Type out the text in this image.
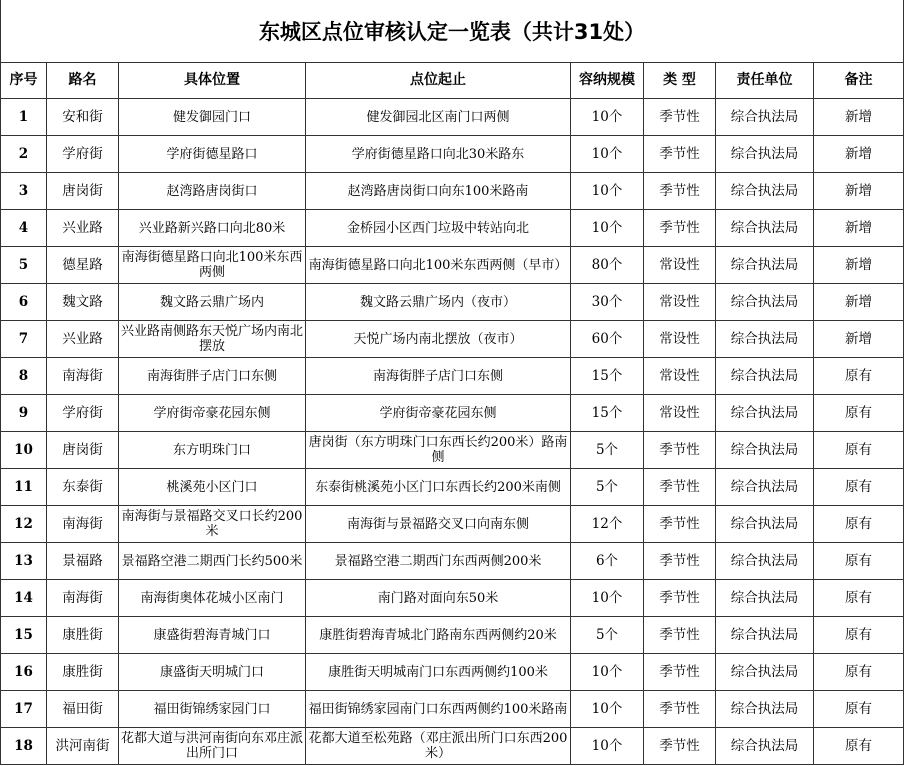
东城区点位审核认定一览表（共计31处）
序号	路名	具体位置	点位起止	容纳规模	类 型	责任单位	备注
1	安和街	健发御园门口	健发御园北区南门口两侧	10个	季节性	综合执法局	新增
2	学府街	学府街德星路口	学府街德星路口向北30米路东	10个	季节性	综合执法局	新增
3	唐岗街	赵湾路唐岗街口	赵湾路唐岗街口向东100米路南	10个	季节性	综合执法局	新增
4	兴业路	兴业路新兴路口向北80米	金桥园小区西门垃圾中转站向北	10个	季节性	综合执法局	新增
5	德星路	南海街德星路口向北100米东西两侧	南海街德星路口向北100米东西两侧（早市）	80个	常设性	综合执法局	新增
6	魏文路	魏文路云鼎广场内	魏文路云鼎广场内（夜市）	30个	常设性	综合执法局	新增
7	兴业路	兴业路南侧路东天悦广场内南北摆放	天悦广场内南北摆放（夜市）	60个	常设性	综合执法局	新增
8	南海街	南海街胖子店门口东侧	南海街胖子店门口东侧	15个	常设性	综合执法局	原有
9	学府街	学府街帝豪花园东侧	学府街帝豪花园东侧	15个	常设性	综合执法局	原有
10	唐岗街	东方明珠门口	唐岗街（东方明珠门口东西长约200米）路南侧	5个	季节性	综合执法局	原有
11	东泰街	桃溪苑小区门口	东泰街桃溪苑小区门口东西长约200米南侧	5个	季节性	综合执法局	原有
12	南海街	南海街与景福路交叉口长约200米	南海街与景福路交叉口向南东侧	12个	季节性	综合执法局	原有
13	景福路	景福路空港二期西门长约500米	景福路空港二期西门东西两侧200米	6个	季节性	综合执法局	原有
14	南海街	南海街奥体花城小区南门	南门路对面向东50米	10个	季节性	综合执法局	原有
15	康胜街	康盛街碧海青城门口	康胜街碧海青城北门路南东西两侧约20米	5个	季节性	综合执法局	原有
16	康胜街	康盛街天明城门口	康胜街天明城南门口东西两侧约100米	10个	季节性	综合执法局	原有
17	福田街	福田街锦绣家园门口	福田街锦绣家园南门口东西两侧约100米路南	10个	季节性	综合执法局	原有
18	洪河南街	花都大道与洪河南街向东邓庄派出所门口	花都大道至松苑路（邓庄派出所门口东西200米）	10个	季节性	综合执法局	原有
